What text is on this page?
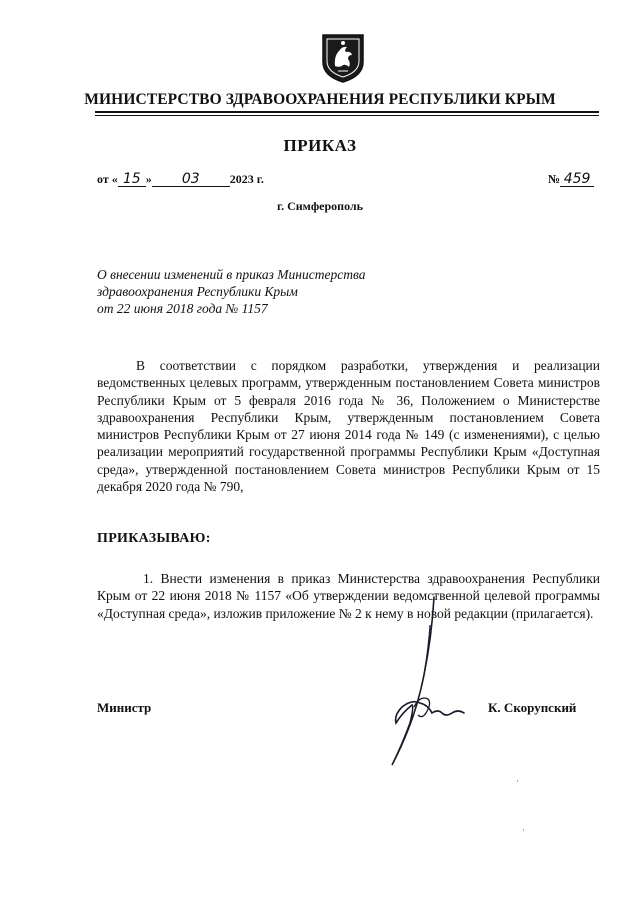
МИНИСТЕРСТВО ЗДРАВООХРАНЕНИЯ РЕСПУБЛИКИ КРЫМ
ПРИКАЗ
от « 15 » 03	2023 г.	№ 459
г. Симферополь
О внесении изменений в приказ Министерства
здравоохранения Республики Крым
от 22 июня 2018 года № 1157
В соответствии с порядком разработки, утверждения и реализации ведомственных целевых программ, утвержденным постановлением Совета министров Республики Крым от 5 февраля 2016 года № 36, Положением о Министерстве здравоохранения Республики Крым, утвержденным постановлением Совета министров Республики Крым от 27 июня 2014 года № 149 (с изменениями), с целью реализации мероприятий государственной программы Республики Крым «Доступная среда», утвержденной постановлением Совета министров Республики Крым от 15 декабря 2020 года № 790,
ПРИКАЗЫВАЮ:
1. Внести изменения в приказ Министерства здравоохранения Республики Крым от 22 июня 2018 № 1157 «Об утверждении ведомственной целевой программы «Доступная среда», изложив приложение № 2 к нему в новой редакции (прилагается).
Министр	К. Скорупский
·
·
